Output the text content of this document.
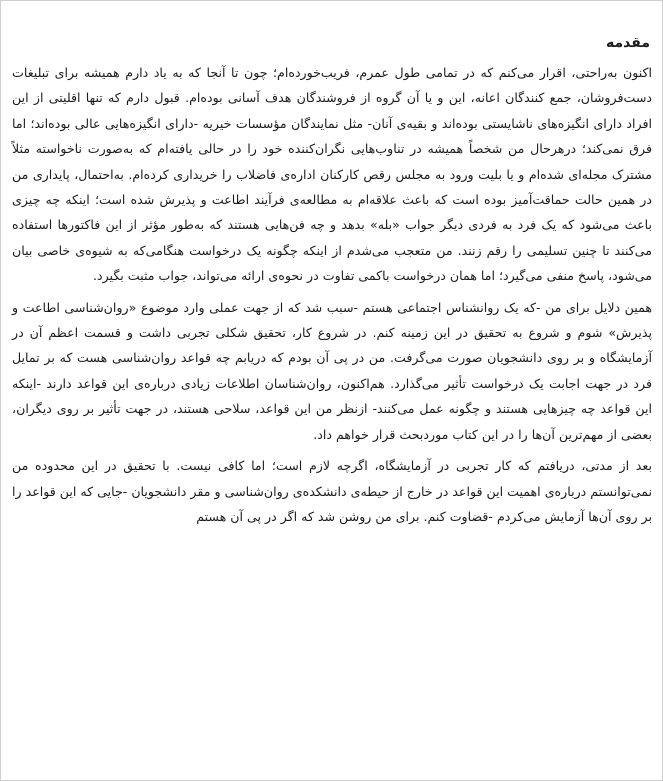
مقدمه

اکنون به‌راحتی، اقرار می‌کنم که در تمامی طول عمرم، فریب‌خورده‌ام؛ چون تا آنجا که به یاد دارم همیشه برای تبلیغات دست‌فروشان، جمع کنندگان اعانه، این و یا آن گروه از فروشندگان هدف آسانی بوده‌ام. قبول دارم که تنها اقلیتی از این افراد دارای انگیزه‌های ناشایستی بوده‌اند و بقیه‌ی آنان- مثل نمایندگان مؤسسات خیریه -دارای انگیزه‌هایی عالی بوده‌اند؛ اما فرق نمی‌کند؛ درهرحال من شخصاً همیشه در تناوب‌هایی نگران‌کننده خود را در حالی یافته‌ام که به‌صورت ناخواسته مثلاً مشترک مجله‌ای شده‌ام و یا بلیت ورود به مجلس رقص کارکنان اداره‌ی فاضلاب را خریداری کرده‌ام. به‌احتمال، پایداری من در همین حالت حماقت‌آمیز بوده است که باعث علاقه‌ام به مطالعه‌ی فرآیند اطاعت و پذیرش شده است؛ اینکه چه چیزی باعث می‌شود که یک فرد به فردی دیگر جواب «بله» بدهد و چه فن‌هایی هستند که به‌طور مؤثر از این فاکتورها استفاده می‌کنند تا چنین تسلیمی را رقم زنند. من متعجب می‌شدم از اینکه چگونه یک درخواست هنگامی‌که به شیوه‌ی خاصی بیان می‌شود، پاسخ منفی می‌گیرد؛ اما همان درخواست باکمی تفاوت در نحوه‌ی ارائه می‌تواند، جواب مثبت بگیرد.

همین دلایل برای من -که یک روانشناس اجتماعی هستم -سبب شد که از جهت عملی وارد موضوع «روان‌شناسی اطاعت و پذیرش» شوم و شروع به تحقیق در این زمینه کنم. در شروع کار، تحقیق شکلی تجربی داشت و قسمت اعظم آن در آزمایشگاه و بر روی دانشجویان صورت می‌گرفت. من در پی آن بودم که دریابم چه قواعد روان‌شناسی هست که بر تمایل فرد در جهت اجابت یک درخواست تأثیر می‌گذارد. هم‌اکنون، روان‌شناسان اطلاعات زیادی درباره‌ی این قواعد دارند -اینکه این قواعد چه چیزهایی هستند و چگونه عمل می‌کنند- ازنظر من این قواعد، سلاحی هستند، در جهت تأثیر بر روی دیگران، بعضی از مهم‌ترین آن‌ها را در این کتاب موردبحث قرار خواهم داد.

بعد از مدتی، دریافتم که کار تجربی در آزمایشگاه، اگرچه لازم است؛ اما کافی نیست. با تحقیق در این محدوده من نمی‌توانستم درباره‌ی اهمیت این قواعد در خارج از حیطه‌ی دانشکده‌ی روان‌شناسی و مقر دانشجویان -جایی که این قواعد را بر روی آن‌ها آزمایش می‌کردم -قضاوت کنم. برای من روشن شد که اگر در پی آن هستم
